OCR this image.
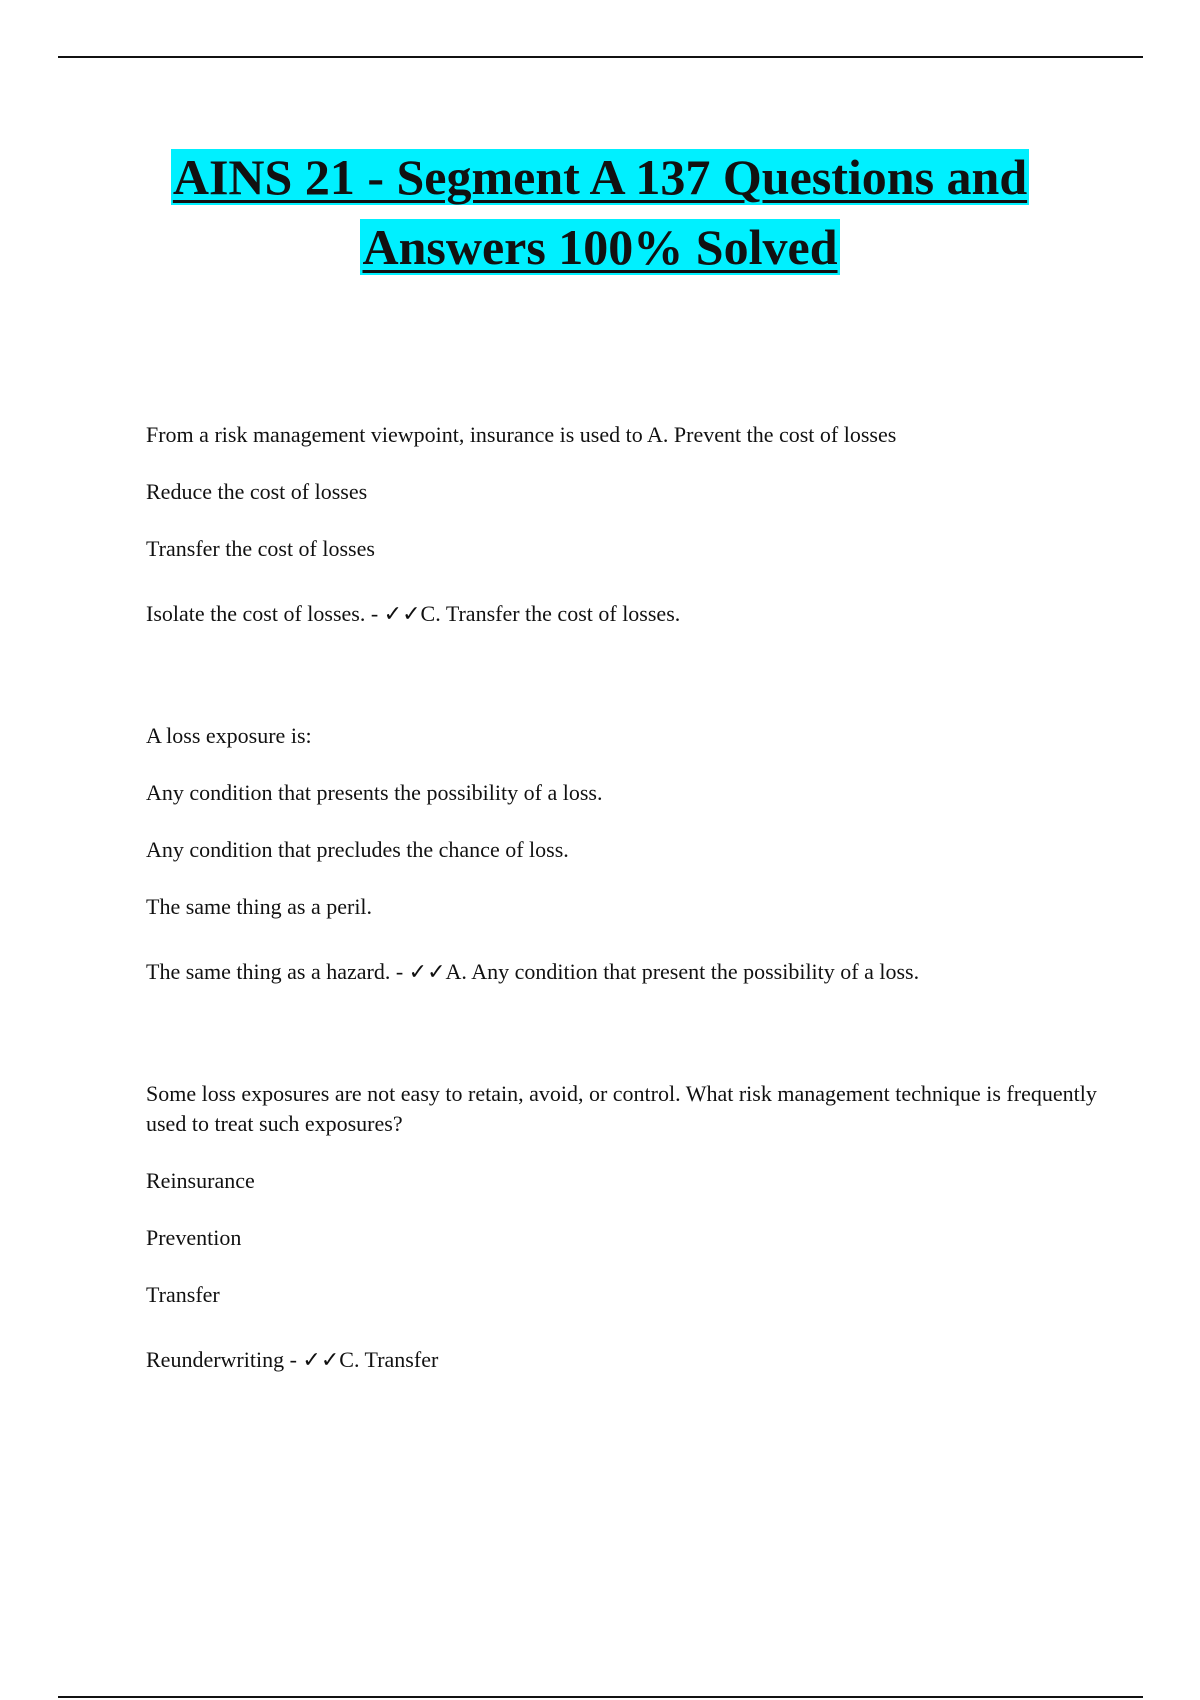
AINS 21 - Segment A 137 Questions and
Answers 100% Solved

From a risk management viewpoint, insurance is used to A. Prevent the cost of losses

Reduce the cost of losses

Transfer the cost of losses

Isolate the cost of losses. - ✓✓C. Transfer the cost of losses.

A loss exposure is:

Any condition that presents the possibility of a loss.

Any condition that precludes the chance of loss.

The same thing as a peril.

The same thing as a hazard. - ✓✓A. Any condition that present the possibility of a loss.

Some loss exposures are not easy to retain, avoid, or control. What risk management technique is frequently used to treat such exposures?

Reinsurance

Prevention

Transfer

Reunderwriting - ✓✓C. Transfer
